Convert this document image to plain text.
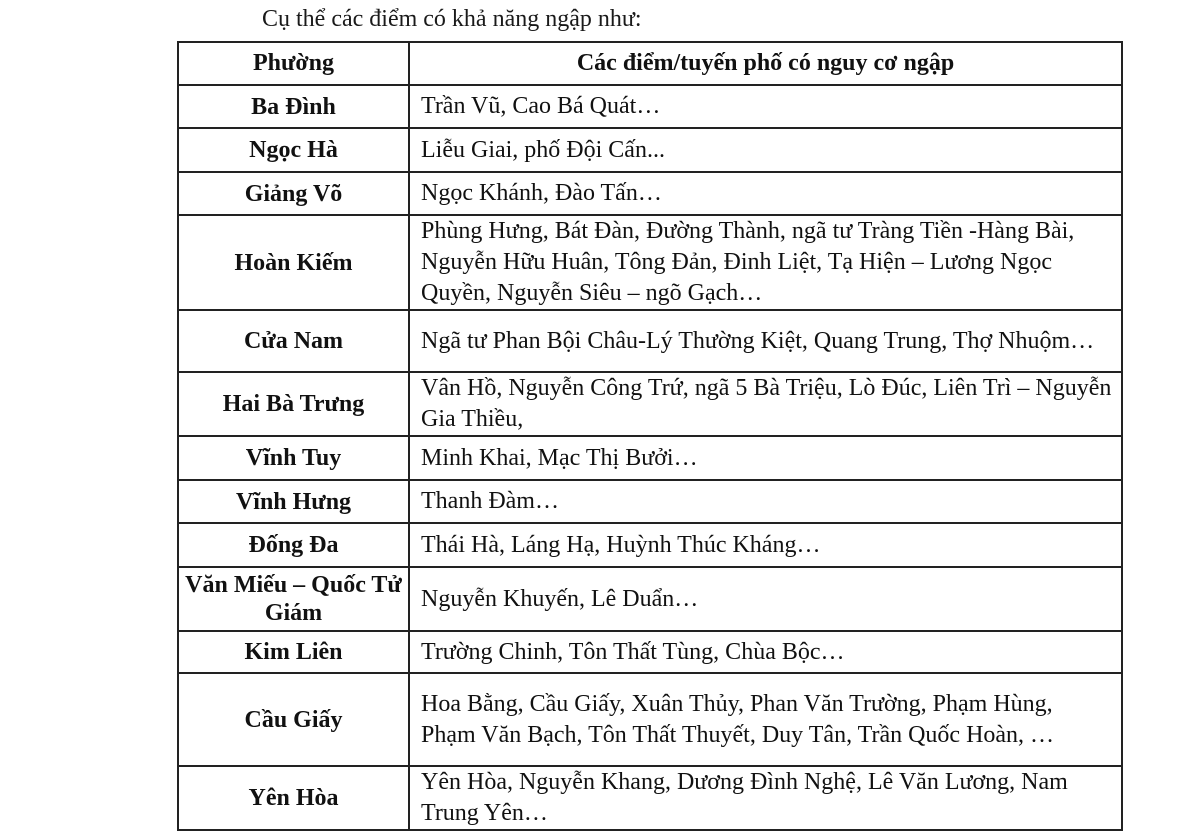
Cụ thể các điểm có khả năng ngập như:
Phường	Các điểm/tuyến phố có nguy cơ ngập
Ba Đình	Trần Vũ, Cao Bá Quát…
Ngọc Hà	Liễu Giai, phố Đội Cấn...
Giảng Võ	Ngọc Khánh, Đào Tấn…
Hoàn Kiếm	Phùng Hưng, Bát Đàn, Đường Thành, ngã tư Tràng Tiền -Hàng Bài, Nguyễn Hữu Huân, Tông Đản, Đinh Liệt, Tạ Hiện – Lương Ngọc Quyền, Nguyễn Siêu – ngõ Gạch…
Cửa Nam	Ngã tư Phan Bội Châu-Lý Thường Kiệt, Quang Trung, Thợ Nhuộm…
Hai Bà Trưng	Vân Hồ, Nguyễn Công Trứ, ngã 5 Bà Triệu, Lò Đúc, Liên Trì – Nguyễn Gia Thiều,
Vĩnh Tuy	Minh Khai, Mạc Thị Bưởi…
Vĩnh Hưng	Thanh Đàm…
Đống Đa	Thái Hà, Láng Hạ, Huỳnh Thúc Kháng…
Văn Miếu – Quốc Tử Giám	Nguyễn Khuyến, Lê Duẩn…
Kim Liên	Trường Chinh, Tôn Thất Tùng, Chùa Bộc…
Cầu Giấy	Hoa Bằng, Cầu Giấy, Xuân Thủy, Phan Văn Trường, Phạm Hùng, Phạm Văn Bạch, Tôn Thất Thuyết, Duy Tân, Trần Quốc Hoàn, …
Yên Hòa	Yên Hòa, Nguyễn Khang, Dương Đình Nghệ, Lê Văn Lương, Nam Trung Yên…
